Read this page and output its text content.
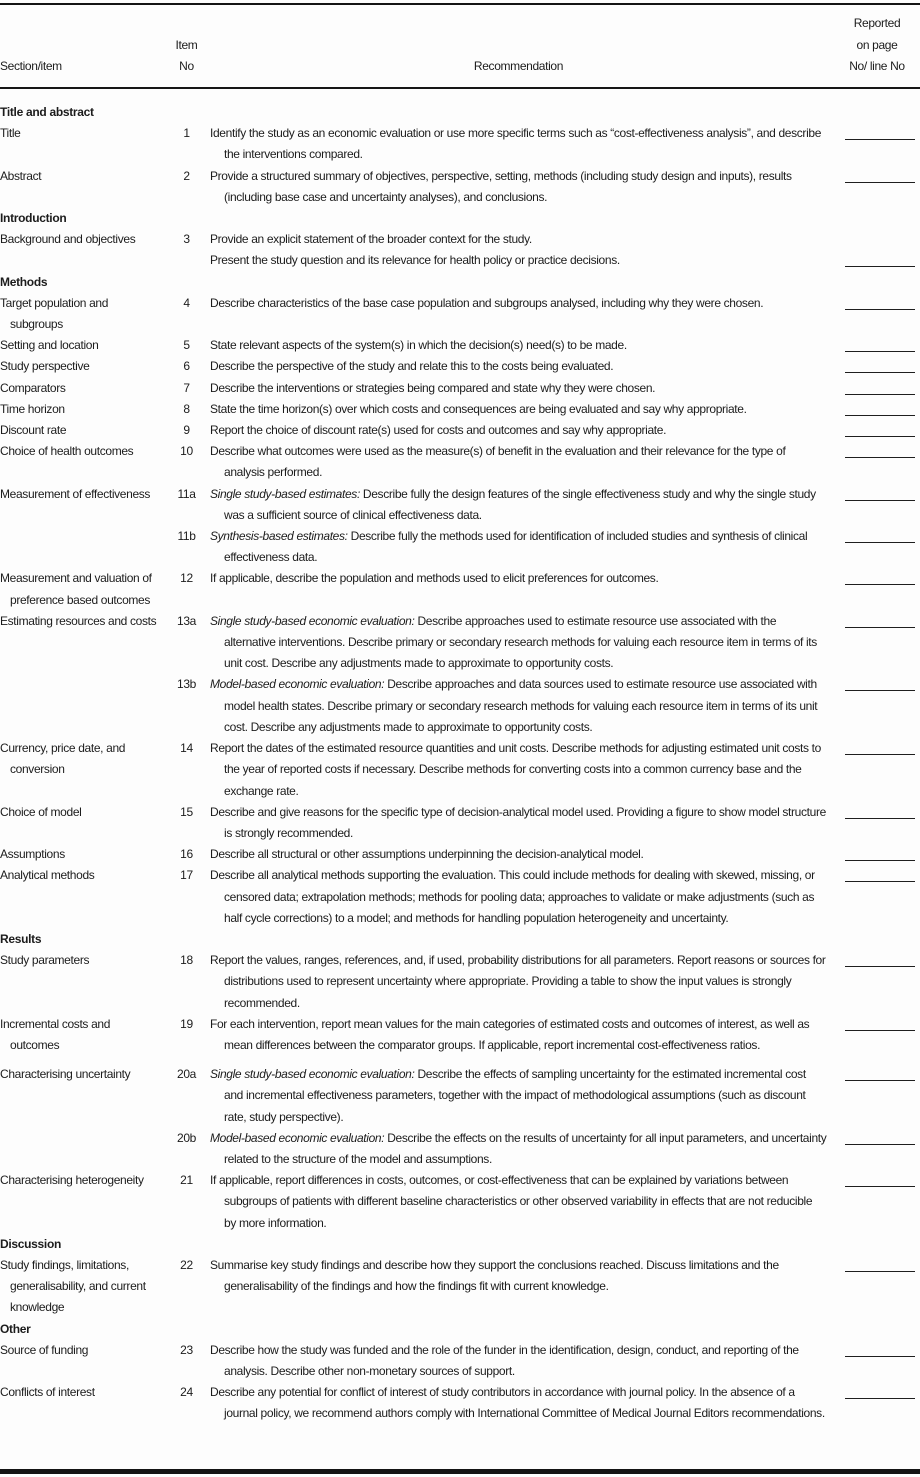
Section/item
Item
No	Recommendation
Reported
on page
No/ line No
Title and abstract
Title	1	Identify the study as an economic evaluation or use more specific terms such as “cost-effectiveness analysis”, and describe the interventions compared.

Abstract	2	Provide a structured summary of objectives, perspective, setting, methods (including study design and inputs), results (including base case and uncertainty analyses), and conclusions.

Introduction
Background and objectives	3	Provide an explicit statement of the broader context for the study.

Present the study question and its relevance for health policy or practice decisions.

Methods
Target population and
subgroups
4	Describe characteristics of the base case population and subgroups analysed, including why they were chosen.

Setting and location	5	State relevant aspects of the system(s) in which the decision(s) need(s) to be made.

Study perspective	6	Describe the perspective of the study and relate this to the costs being evaluated.

Comparators	7	Describe the interventions or strategies being compared and state why they were chosen.

Time horizon	8	State the time horizon(s) over which costs and consequences are being evaluated and say why appropriate.

Discount rate	9	Report the choice of discount rate(s) used for costs and outcomes and say why appropriate.

Choice of health outcomes	10	Describe what outcomes were used as the measure(s) of benefit in the evaluation and their relevance for the type of analysis performed.

Measurement of effectiveness	11a	Single study-based estimates: Describe fully the design features of the single effectiveness study and why the single study was a sufficient source of clinical effectiveness data.

11b	Synthesis-based estimates: Describe fully the methods used for identification of included studies and synthesis of clinical effectiveness data.

Measurement and valuation of
preference based outcomes
12	If applicable, describe the population and methods used to elicit preferences for outcomes.

Estimating resources and costs	13a	Single study-based economic evaluation: Describe approaches used to estimate resource use associated with the alternative interventions. Describe primary or secondary research methods for valuing each resource item in terms of its unit cost. Describe any adjustments made to approximate to opportunity costs.

13b	Model-based economic evaluation: Describe approaches and data sources used to estimate resource use associated with model health states. Describe primary or secondary research methods for valuing each resource item in terms of its unit cost. Describe any adjustments made to approximate to opportunity costs.

Currency, price date, and
conversion
14	Report the dates of the estimated resource quantities and unit costs. Describe methods for adjusting estimated unit costs to the year of reported costs if necessary. Describe methods for converting costs into a common currency base and the exchange rate.

Choice of model	15	Describe and give reasons for the specific type of decision-analytical model used. Providing a figure to show model structure is strongly recommended.

Assumptions	16	Describe all structural or other assumptions underpinning the decision-analytical model.

Analytical methods	17	Describe all analytical methods supporting the evaluation. This could include methods for dealing with skewed, missing, or censored data; extrapolation methods; methods for pooling data; approaches to validate or make adjustments (such as half cycle corrections) to a model; and methods for handling population heterogeneity and uncertainty.

Results
Study parameters	18	Report the values, ranges, references, and, if used, probability distributions for all parameters. Report reasons or sources for distributions used to represent uncertainty where appropriate. Providing a table to show the input values is strongly recommended.

Incremental costs and
outcomes
19	For each intervention, report mean values for the main categories of estimated costs and outcomes of interest, as well as mean differences between the comparator groups. If applicable, report incremental cost-effectiveness ratios.

Characterising uncertainty	20a	Single study-based economic evaluation: Describe the effects of sampling uncertainty for the estimated incremental cost and incremental effectiveness parameters, together with the impact of methodological assumptions (such as discount rate, study perspective).

20b	Model-based economic evaluation: Describe the effects on the results of uncertainty for all input parameters, and uncertainty related to the structure of the model and assumptions.

Characterising heterogeneity	21	If applicable, report differences in costs, outcomes, or cost-effectiveness that can be explained by variations between subgroups of patients with different baseline characteristics or other observed variability in effects that are not reducible by more information.

Discussion
Study findings, limitations,
generalisability, and current
knowledge
22	Summarise key study findings and describe how they support the conclusions reached. Discuss limitations and the generalisability of the findings and how the findings fit with current knowledge.

Other
Source of funding	23	Describe how the study was funded and the role of the funder in the identification, design, conduct, and reporting of the analysis. Describe other non-monetary sources of support.

Conflicts of interest	24	Describe any potential for conflict of interest of study contributors in accordance with journal policy. In the absence of a journal policy, we recommend authors comply with International Committee of Medical Journal Editors recommendations.
